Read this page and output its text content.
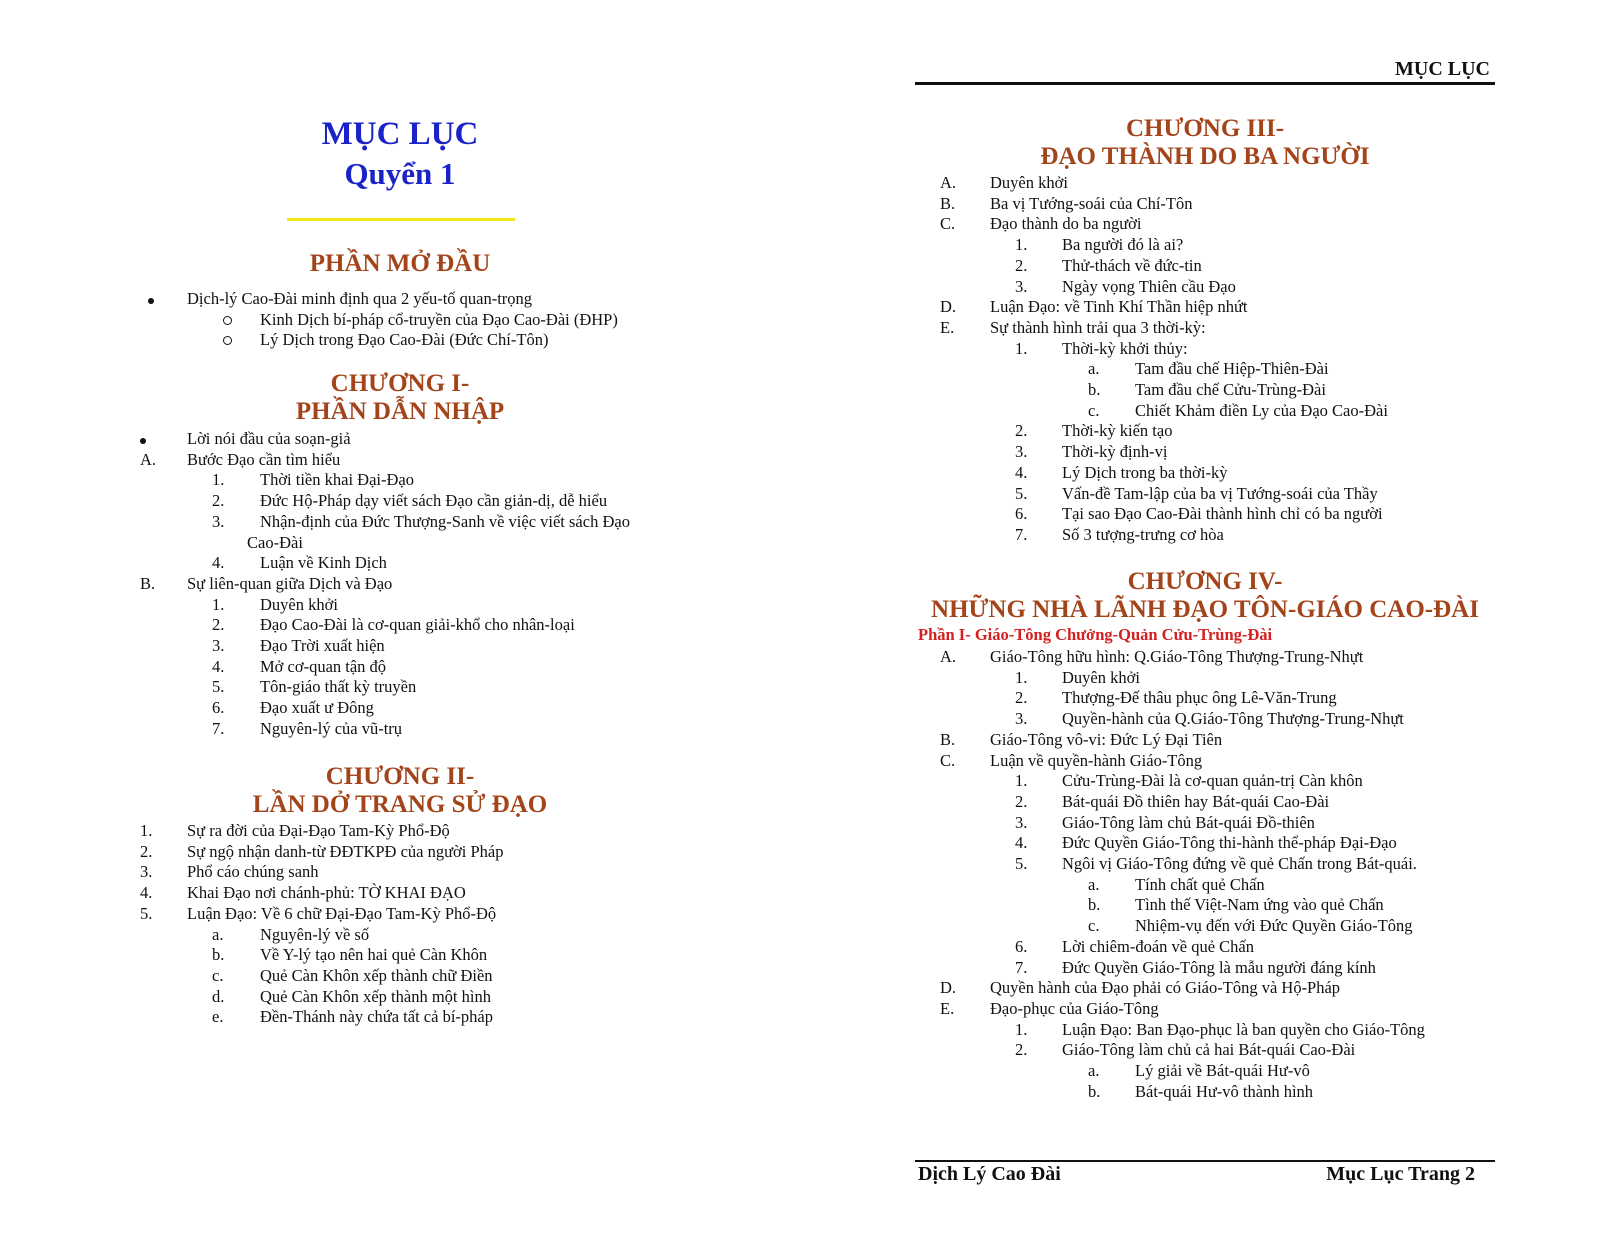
MỤC LỤC
Quyển 1
PHẦN MỞ ĐẦU
Dịch-lý Cao-Đài minh định qua 2 yếu-tố quan-trọng
Kinh Dịch bí-pháp cổ-truyền của Đạo Cao-Đài (ĐHP)
Lý Dịch trong Đạo Cao-Đài (Đức Chí-Tôn)
CHƯƠNG I-
PHẦN DẪN NHẬP
Lời nói đầu của soạn-giả
A. Bước Đạo cần tìm hiểu
1. Thời tiền khai Đại-Đạo
2. Đức Hộ-Pháp dạy viết sách Đạo cần giản-dị, dễ hiểu
3. Nhận-định của Đức Thượng-Sanh về việc viết sách Đạo
Cao-Đài
4. Luận về Kinh Dịch
B. Sự liên-quan giữa Dịch và Đạo
1. Duyên khởi
2. Đạo Cao-Đài là cơ-quan giải-khổ cho nhân-loại
3. Đạo Trời xuất hiện
4. Mở cơ-quan tận độ
5. Tôn-giáo thất kỳ truyền
6. Đạo xuất ư Đông
7. Nguyên-lý của vũ-trụ
CHƯƠNG II-
LẦN DỞ TRANG SỬ ĐẠO
1. Sự ra đời của Đại-Đạo Tam-Kỳ Phổ-Độ
2. Sự ngộ nhận danh-từ ĐĐTKPĐ của người Pháp
3. Phổ cáo chúng sanh
4. Khai Đạo nơi chánh-phủ: TỜ KHAI ĐẠO
5. Luận Đạo: Về 6 chữ Đại-Đạo Tam-Kỳ Phổ-Độ
a. Nguyên-lý về số
b. Về Y-lý tạo nên hai quẻ Càn Khôn
c. Quẻ Càn Khôn xếp thành chữ Điền
d. Quẻ Càn Khôn xếp thành một hình
e. Đền-Thánh này chứa tất cả bí-pháp
MỤC LỤC
CHƯƠNG III-
ĐẠO THÀNH DO BA NGƯỜI
A. Duyên khởi
B. Ba vị Tướng-soái của Chí-Tôn
C. Đạo thành do ba người
1. Ba người đó là ai?
2. Thử-thách về đức-tin
3. Ngày vọng Thiên cầu Đạo
D. Luận Đạo: về Tinh Khí Thần hiệp nhứt
E. Sự thành hình trải qua 3 thời-kỳ:
1. Thời-kỳ khởi thủy:
a. Tam đầu chế Hiệp-Thiên-Đài
b. Tam đầu chế Cửu-Trùng-Đài
c. Chiết Khảm điền Ly của Đạo Cao-Đài
2. Thời-kỳ kiến tạo
3. Thời-kỳ định-vị
4. Lý Dịch trong ba thời-kỳ
5. Vấn-đề Tam-lập của ba vị Tướng-soái của Thầy
6. Tại sao Đạo Cao-Đài thành hình chỉ có ba người
7. Số 3 tượng-trưng cơ hòa
CHƯƠNG IV-
NHỮNG NHÀ LÃNH ĐẠO TÔN-GIÁO CAO-ĐÀI
A. Giáo-Tông hữu hình: Q.Giáo-Tông Thượng-Trung-Nhựt
1. Duyên khởi
2. Thượng-Đế thâu phục ông Lê-Văn-Trung
3. Quyền-hành của Q.Giáo-Tông Thượng-Trung-Nhựt
B. Giáo-Tông vô-vi: Đức Lý Đại Tiên
C. Luận về quyền-hành Giáo-Tông
1. Cửu-Trùng-Đài là cơ-quan quản-trị Càn khôn
2. Bát-quái Đồ thiên hay Bát-quái Cao-Đài
3. Giáo-Tông làm chủ Bát-quái Đồ-thiên
4. Đức Quyền Giáo-Tông thi-hành thể-pháp Đại-Đạo
5. Ngôi vị Giáo-Tông đứng về quẻ Chấn trong Bát-quái.
a. Tính chất quẻ Chấn
b. Tình thế Việt-Nam ứng vào quẻ Chấn
c. Nhiệm-vụ đến với Đức Quyền Giáo-Tông
6. Lời chiêm-đoán về quẻ Chấn
7. Đức Quyền Giáo-Tông là mẫu người đáng kính
D. Quyền hành của Đạo phải có Giáo-Tông và Hộ-Pháp
E. Đạo-phục của Giáo-Tông
1. Luận Đạo: Ban Đạo-phục là ban quyền cho Giáo-Tông
2. Giáo-Tông làm chủ cả hai Bát-quái Cao-Đài
a. Lý giải về Bát-quái Hư-vô
b. Bát-quái Hư-vô thành hình
Phần I- Giáo-Tông Chưởng-Quản Cửu-Trùng-Đài
Dịch Lý Cao Đài	Mục Lục Trang 2
